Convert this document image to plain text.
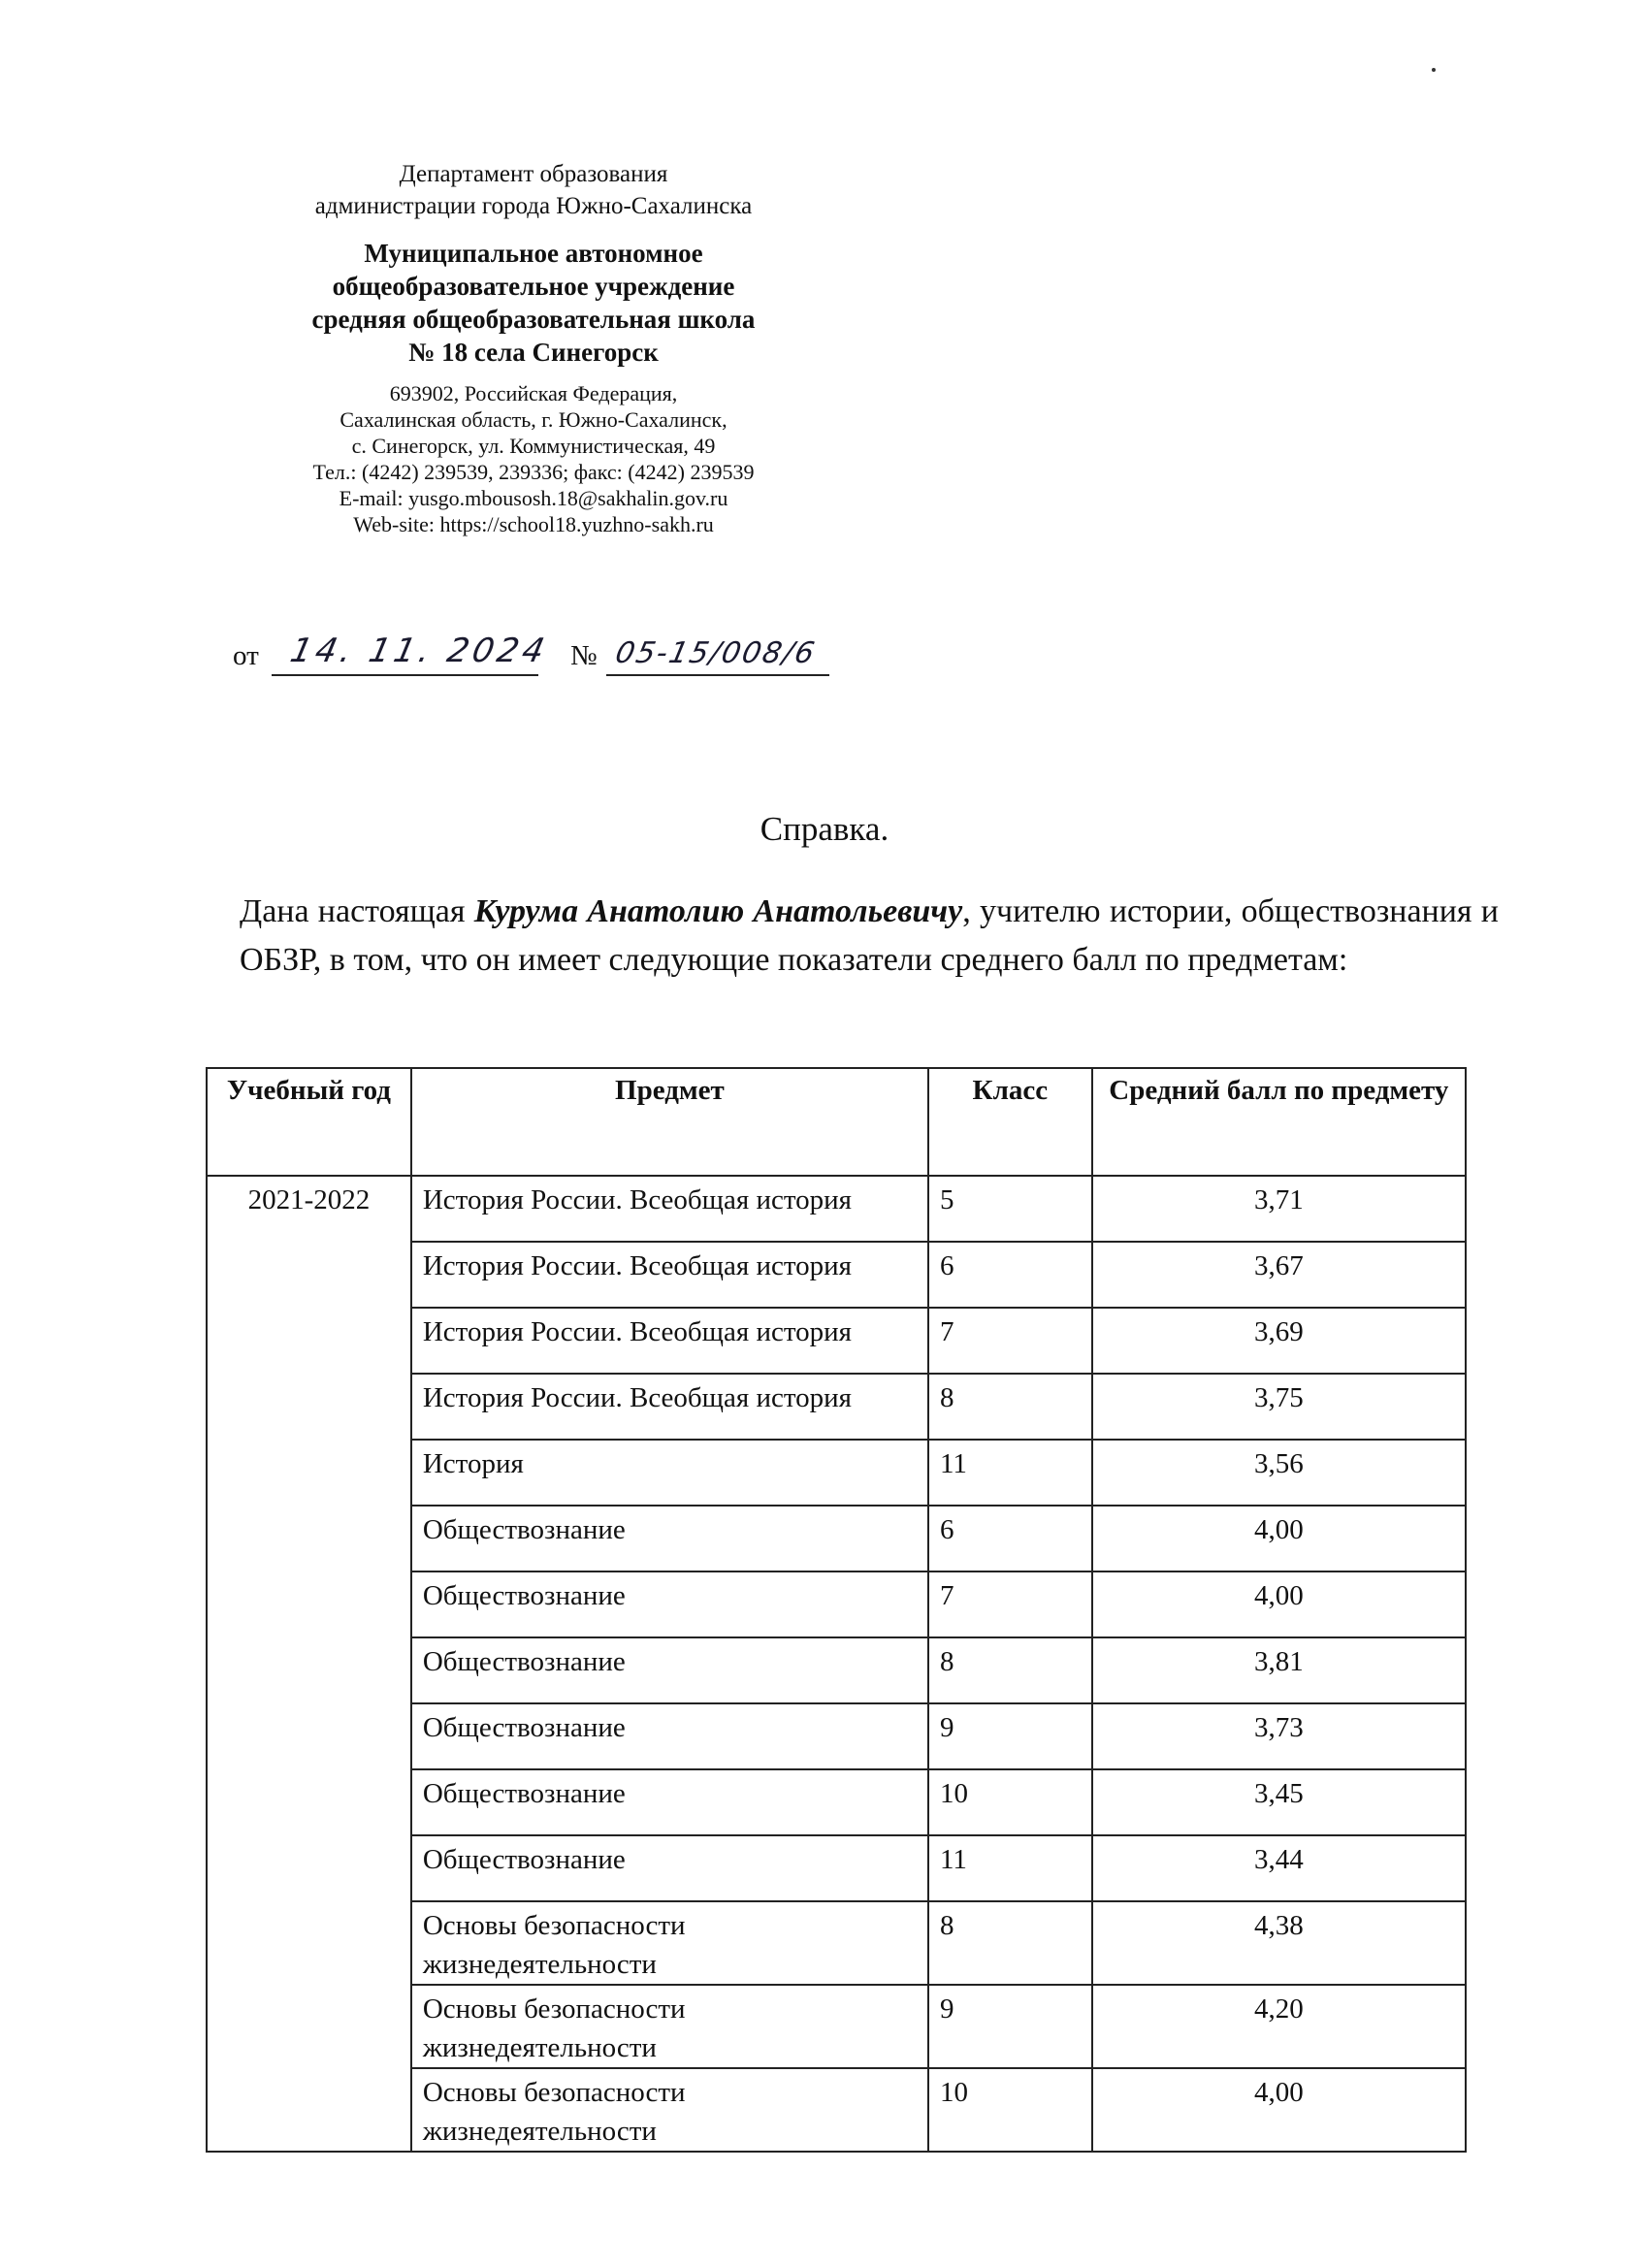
Департамент образования
администрации города Южно-Сахалинска
Муниципальное автономное
общеобразовательное учреждение
средняя общеобразовательная школа
№ 18 села Синегорск
693902, Российская Федерация,
Сахалинская область, г. Южно-Сахалинск,
с. Синегорск, ул. Коммунистическая, 49
Тел.: (4242) 239539, 239336; факс: (4242) 239539
E-mail: yusgo.mbousosh.18@sakhalin.gov.ru
Web-site: https://school18.yuzhno-sakh.ru
от 14. 11. 2024 № 05-15/008/6
Справка.
Дана настоящая Курума Анатолию Анатольевичу, учителю истории, обществознания и ОБЗР, в том, что он имеет следующие показатели среднего балл по предметам:
Учебный год	Предмет	Класс	Средний балл по предмету
2021-2022	История России. Всеобщая история	5	3,71
	История России. Всеобщая история	6	3,67
	История России. Всеобщая история	7	3,69
	История России. Всеобщая история	8	3,75
	История	11	3,56
	Обществознание	6	4,00
	Обществознание	7	4,00
	Обществознание	8	3,81
	Обществознание	9	3,73
	Обществознание	10	3,45
	Обществознание	11	3,44
	Основы безопасности жизнедеятельности	8	4,38
	Основы безопасности жизнедеятельности	9	4,20
	Основы безопасности жизнедеятельности	10	4,00
